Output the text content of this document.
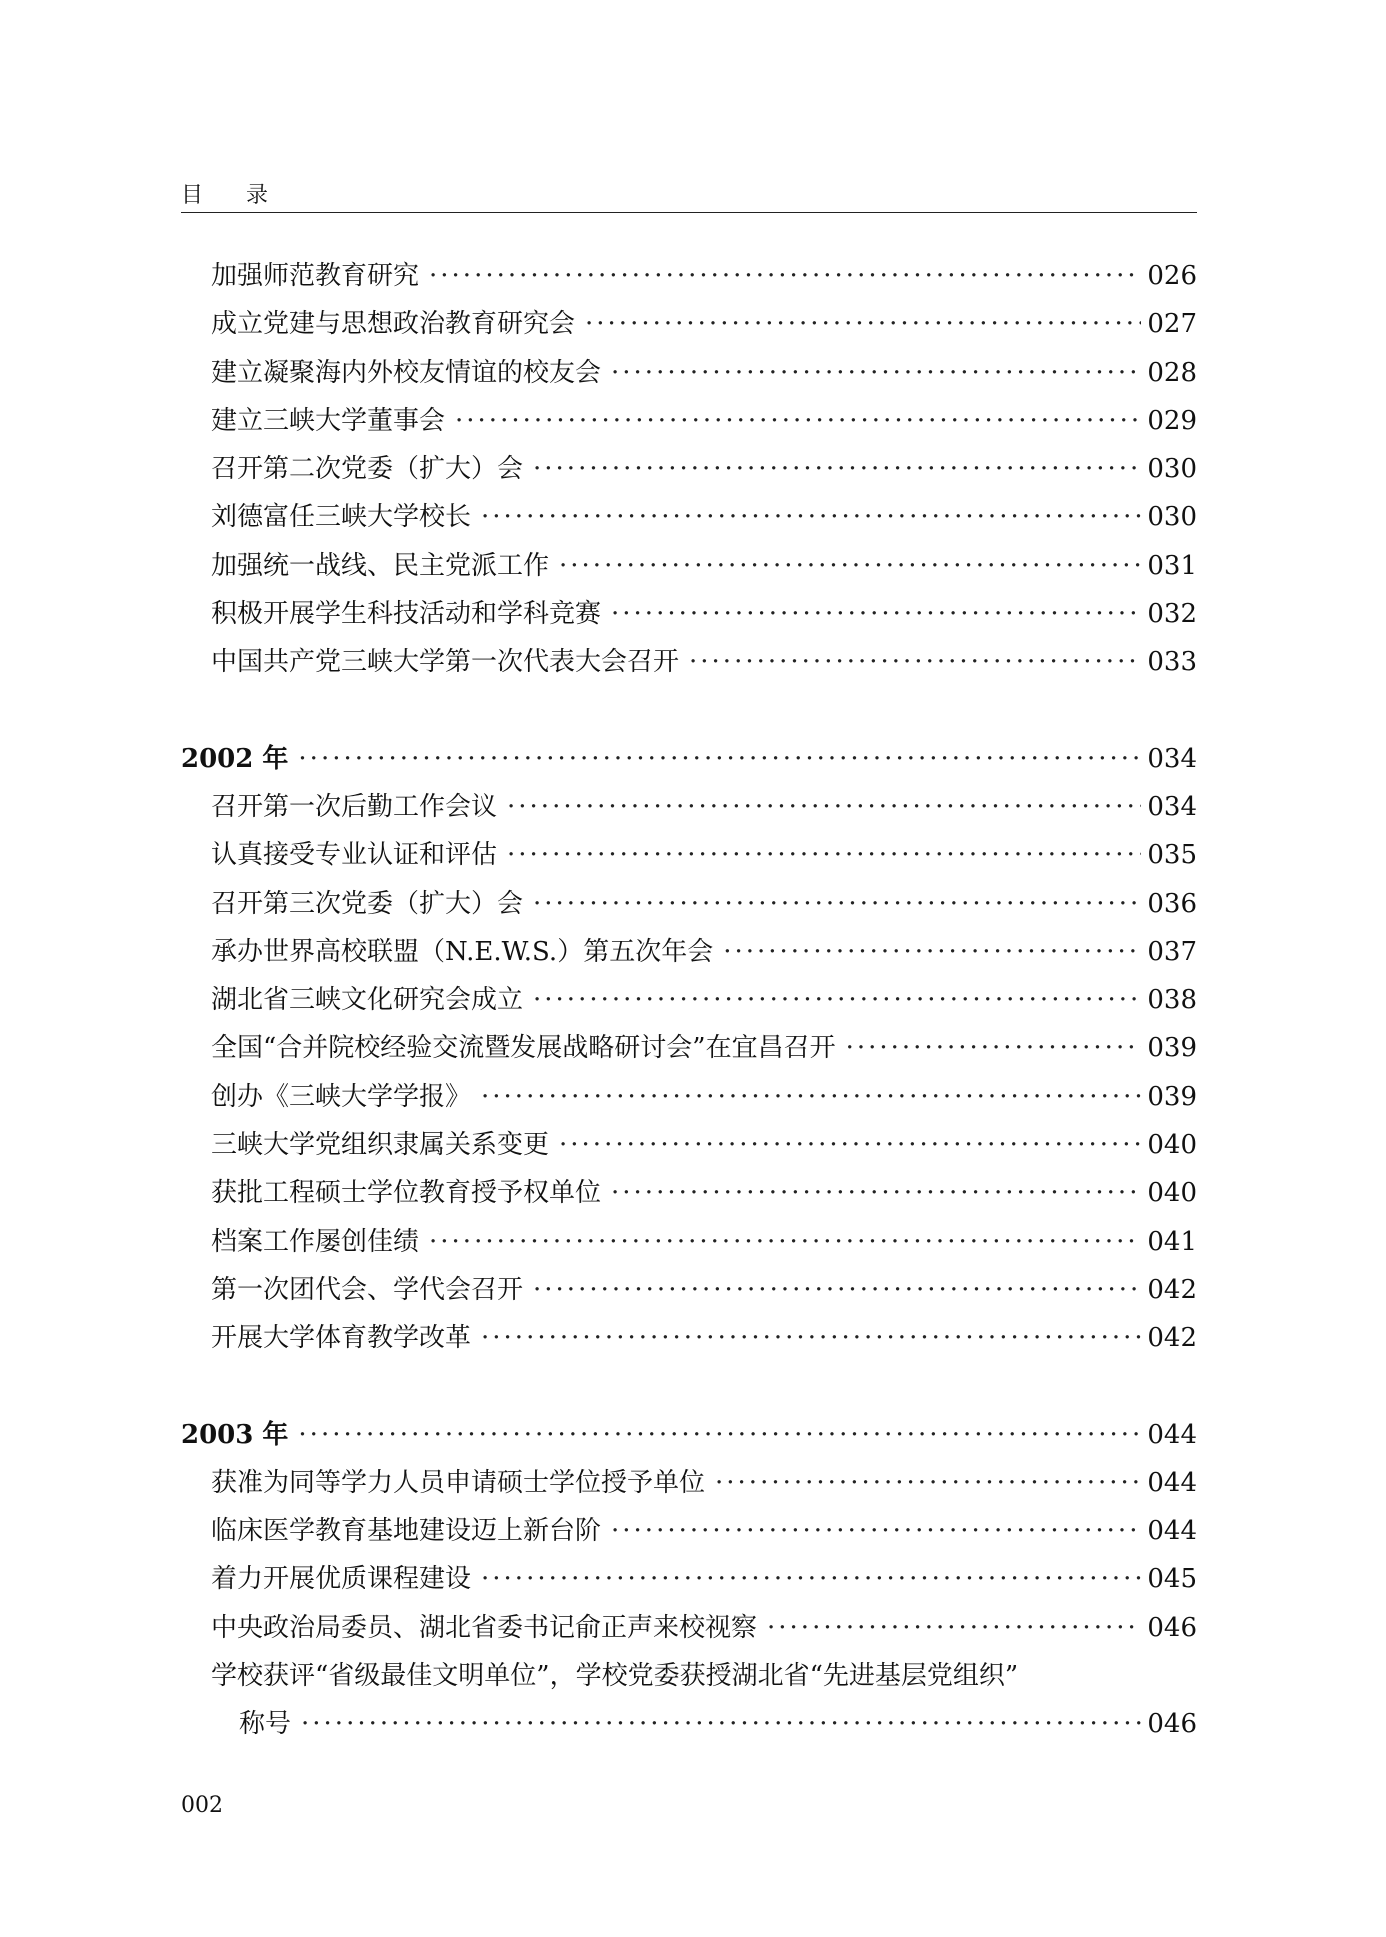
目 录
加强师范教育研究 ·····	026
成立党建与思想政治教育研究会 ·····	027
建立凝聚海内外校友情谊的校友会 ·····	028
建立三峡大学董事会 ·····	029
召开第二次党委（扩大）会 ·····	030
刘德富任三峡大学校长 ·····	030
加强统一战线、民主党派工作 ·····	031
积极开展学生科技活动和学科竞赛 ·····	032
中国共产党三峡大学第一次代表大会召开 ·····	033
2002 年 ·····	034
召开第一次后勤工作会议 ·····	034
认真接受专业认证和评估 ·····	035
召开第三次党委（扩大）会 ·····	036
承办世界高校联盟（N.E.W.S.）第五次年会 ·····	037
湖北省三峡文化研究会成立 ·····	038
全国“合并院校经验交流暨发展战略研讨会”在宜昌召开 ·····	039
创办《三峡大学学报》 ·····	039
三峡大学党组织隶属关系变更 ·····	040
获批工程硕士学位教育授予权单位 ·····	040
档案工作屡创佳绩 ·····	041
第一次团代会、学代会召开 ·····	042
开展大学体育教学改革 ·····	042
2003 年 ·····	044
获准为同等学力人员申请硕士学位授予单位 ·····	044
临床医学教育基地建设迈上新台阶 ·····	044
着力开展优质课程建设 ·····	045
中央政治局委员、湖北省委书记俞正声来校视察 ·····	046
学校获评“省级最佳文明单位”，学校党委获授湖北省“先进基层党组织”
称号 ·····	046
002
